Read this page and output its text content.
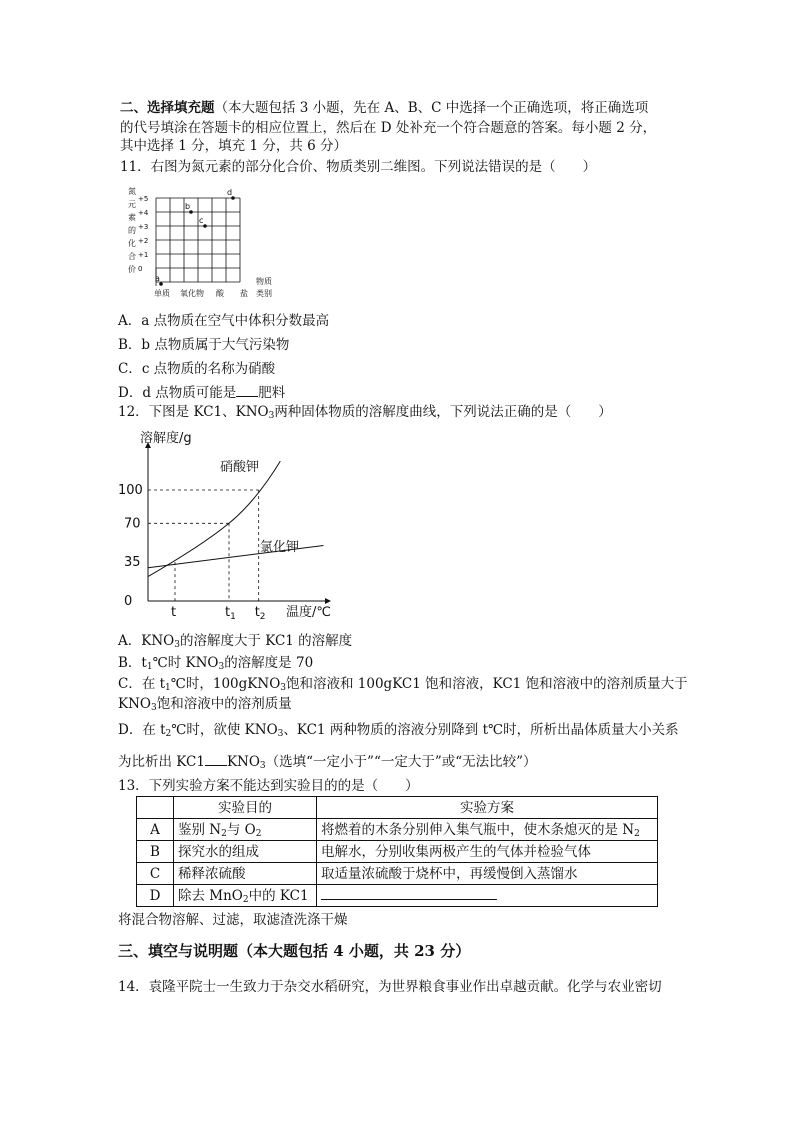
二、选择填充题（本大题包括 3 小题，先在 A、B、C 中选择一个正确选项，将正确选项
的代号填涂在答题卡的相应位置上，然后在 D 处补充一个符合题意的答案。每小题 2 分，
其中选择 1 分，填充 1 分，共 6 分）
11．右图为氮元素的部分化合价、物质类别二维图。下列说法错误的是（　　）
氮
元
素
的
化
合
价
+5
+4
+3
+2
+1
0
a
b
c
d
单质 氧化物 酸 盐
物质
类别
A．a 点物质在空气中体积分数最高
B．b 点物质属于大气污染物
C．c 点物质的名称为硝酸
D．d 点物质可能是 肥料
12．下图是 KC1、$KNO_3$两种固体物质的溶解度曲线，下列说法正确的是（　　）
溶解度/g
温度/℃
100
70
35
0
t	$t_1$ $t_2$
硝酸钾
氯化钾
A．$KNO_3$的溶解度大于 KC1 的溶解度
B．$t_1℃$时 $KNO_3$的溶解度是 70
C．在 $t_1℃$时，100gKNO$_3$饱和溶液和 100gKC1 饱和溶液，KC1 饱和溶液中的溶剂质量大于
$KNO_3$饱和溶液中的溶剂质量
D．在 $t_2℃$时，欲使 $KNO_3$、KC1 两种物质的溶液分别降到 t℃时，所析出晶体质量大小关系
为比析出 KC1 $KNO_3$（选填“一定小于”“一定大于”或“无法比较”）
13．下列实验方案不能达到实验目的的是（　　）
	实验目的	实验方案
A	鉴别 $N_2$与 $O_2$	将燃着的木条分别伸入集气瓶中，使木条熄灭的是 $N_2$
B	探究水的组成	电解水，分别收集两极产生的气体并检验气体
C	稀释浓硫酸	取适量浓硫酸于烧杯中，再缓慢倒入蒸馏水
D	除去 MnO$_2$中的 KC1	
将混合物溶解、过滤，取滤渣洗涤干燥
三、填空与说明题（本大题包括 4 小题，共 23 分）
14．袁隆平院士一生致力于杂交水稻研究，为世界粮食事业作出卓越贡献。化学与农业密切
